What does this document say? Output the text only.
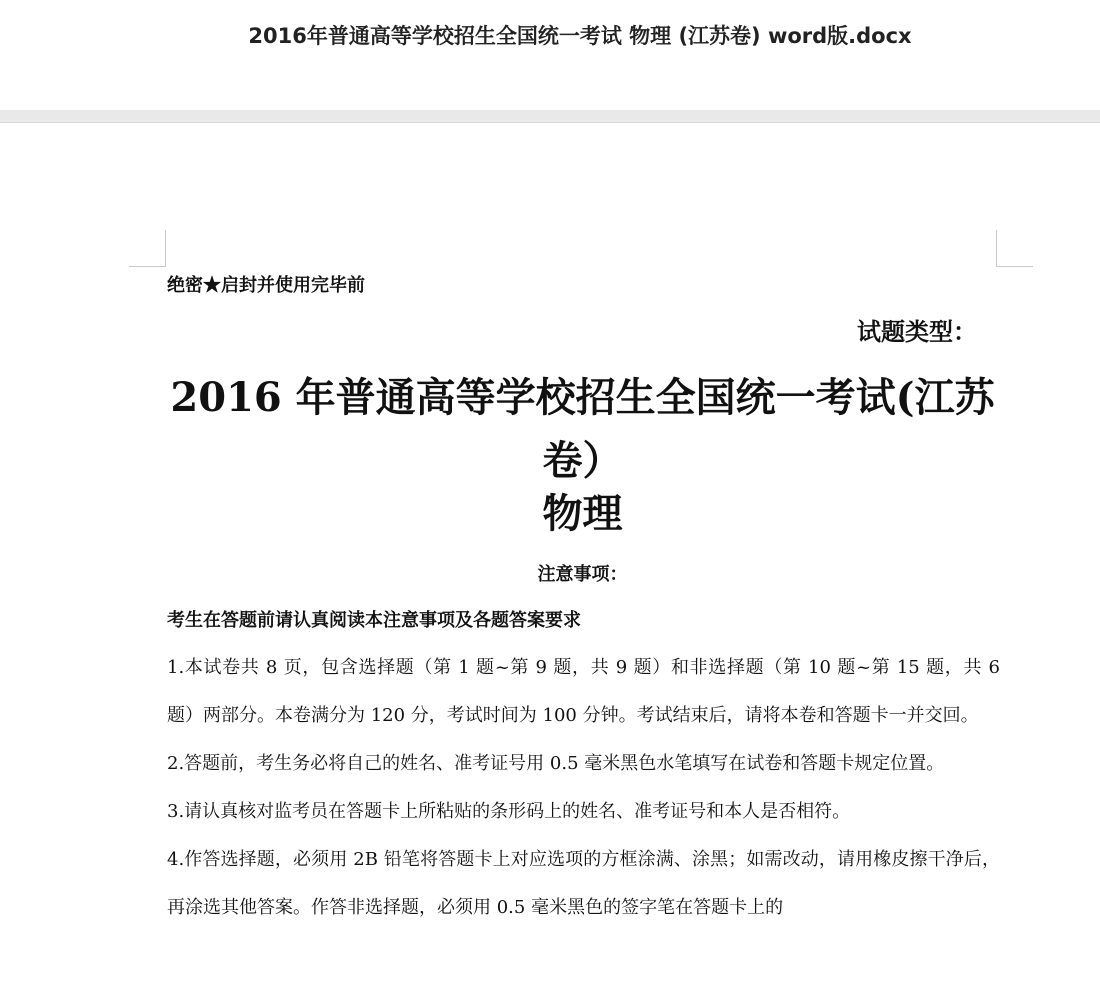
2016年普通高等学校招生全国统一考试 物理 (江苏卷) word版.docx
绝密★启封并使用完毕前
试题类型：
2016 年普通高等学校招生全国统一考试(江苏卷）
物理
注意事项：
考生在答题前请认真阅读本注意事项及各题答案要求
1.本试卷共 8 页，包含选择题（第 1 题~第 9 题，共 9 题）和非选择题（第 10 题~第 15 题，共 6 题）两部分。本卷满分为 120 分，考试时间为 100 分钟。考试结束后，请将本卷和答题卡一并交回。
2.答题前，考生务必将自己的姓名、准考证号用 0.5 毫米黑色水笔填写在试卷和答题卡规定位置。
3.请认真核对监考员在答题卡上所粘贴的条形码上的姓名、准考证号和本人是否相符。
4.作答选择题，必须用 2B 铅笔将答题卡上对应选项的方框涂满、涂黑；如需改动，请用橡皮擦干净后，再涂选其他答案。作答非选择题，必须用 0.5 毫米黑色的签字笔在答题卡上的
